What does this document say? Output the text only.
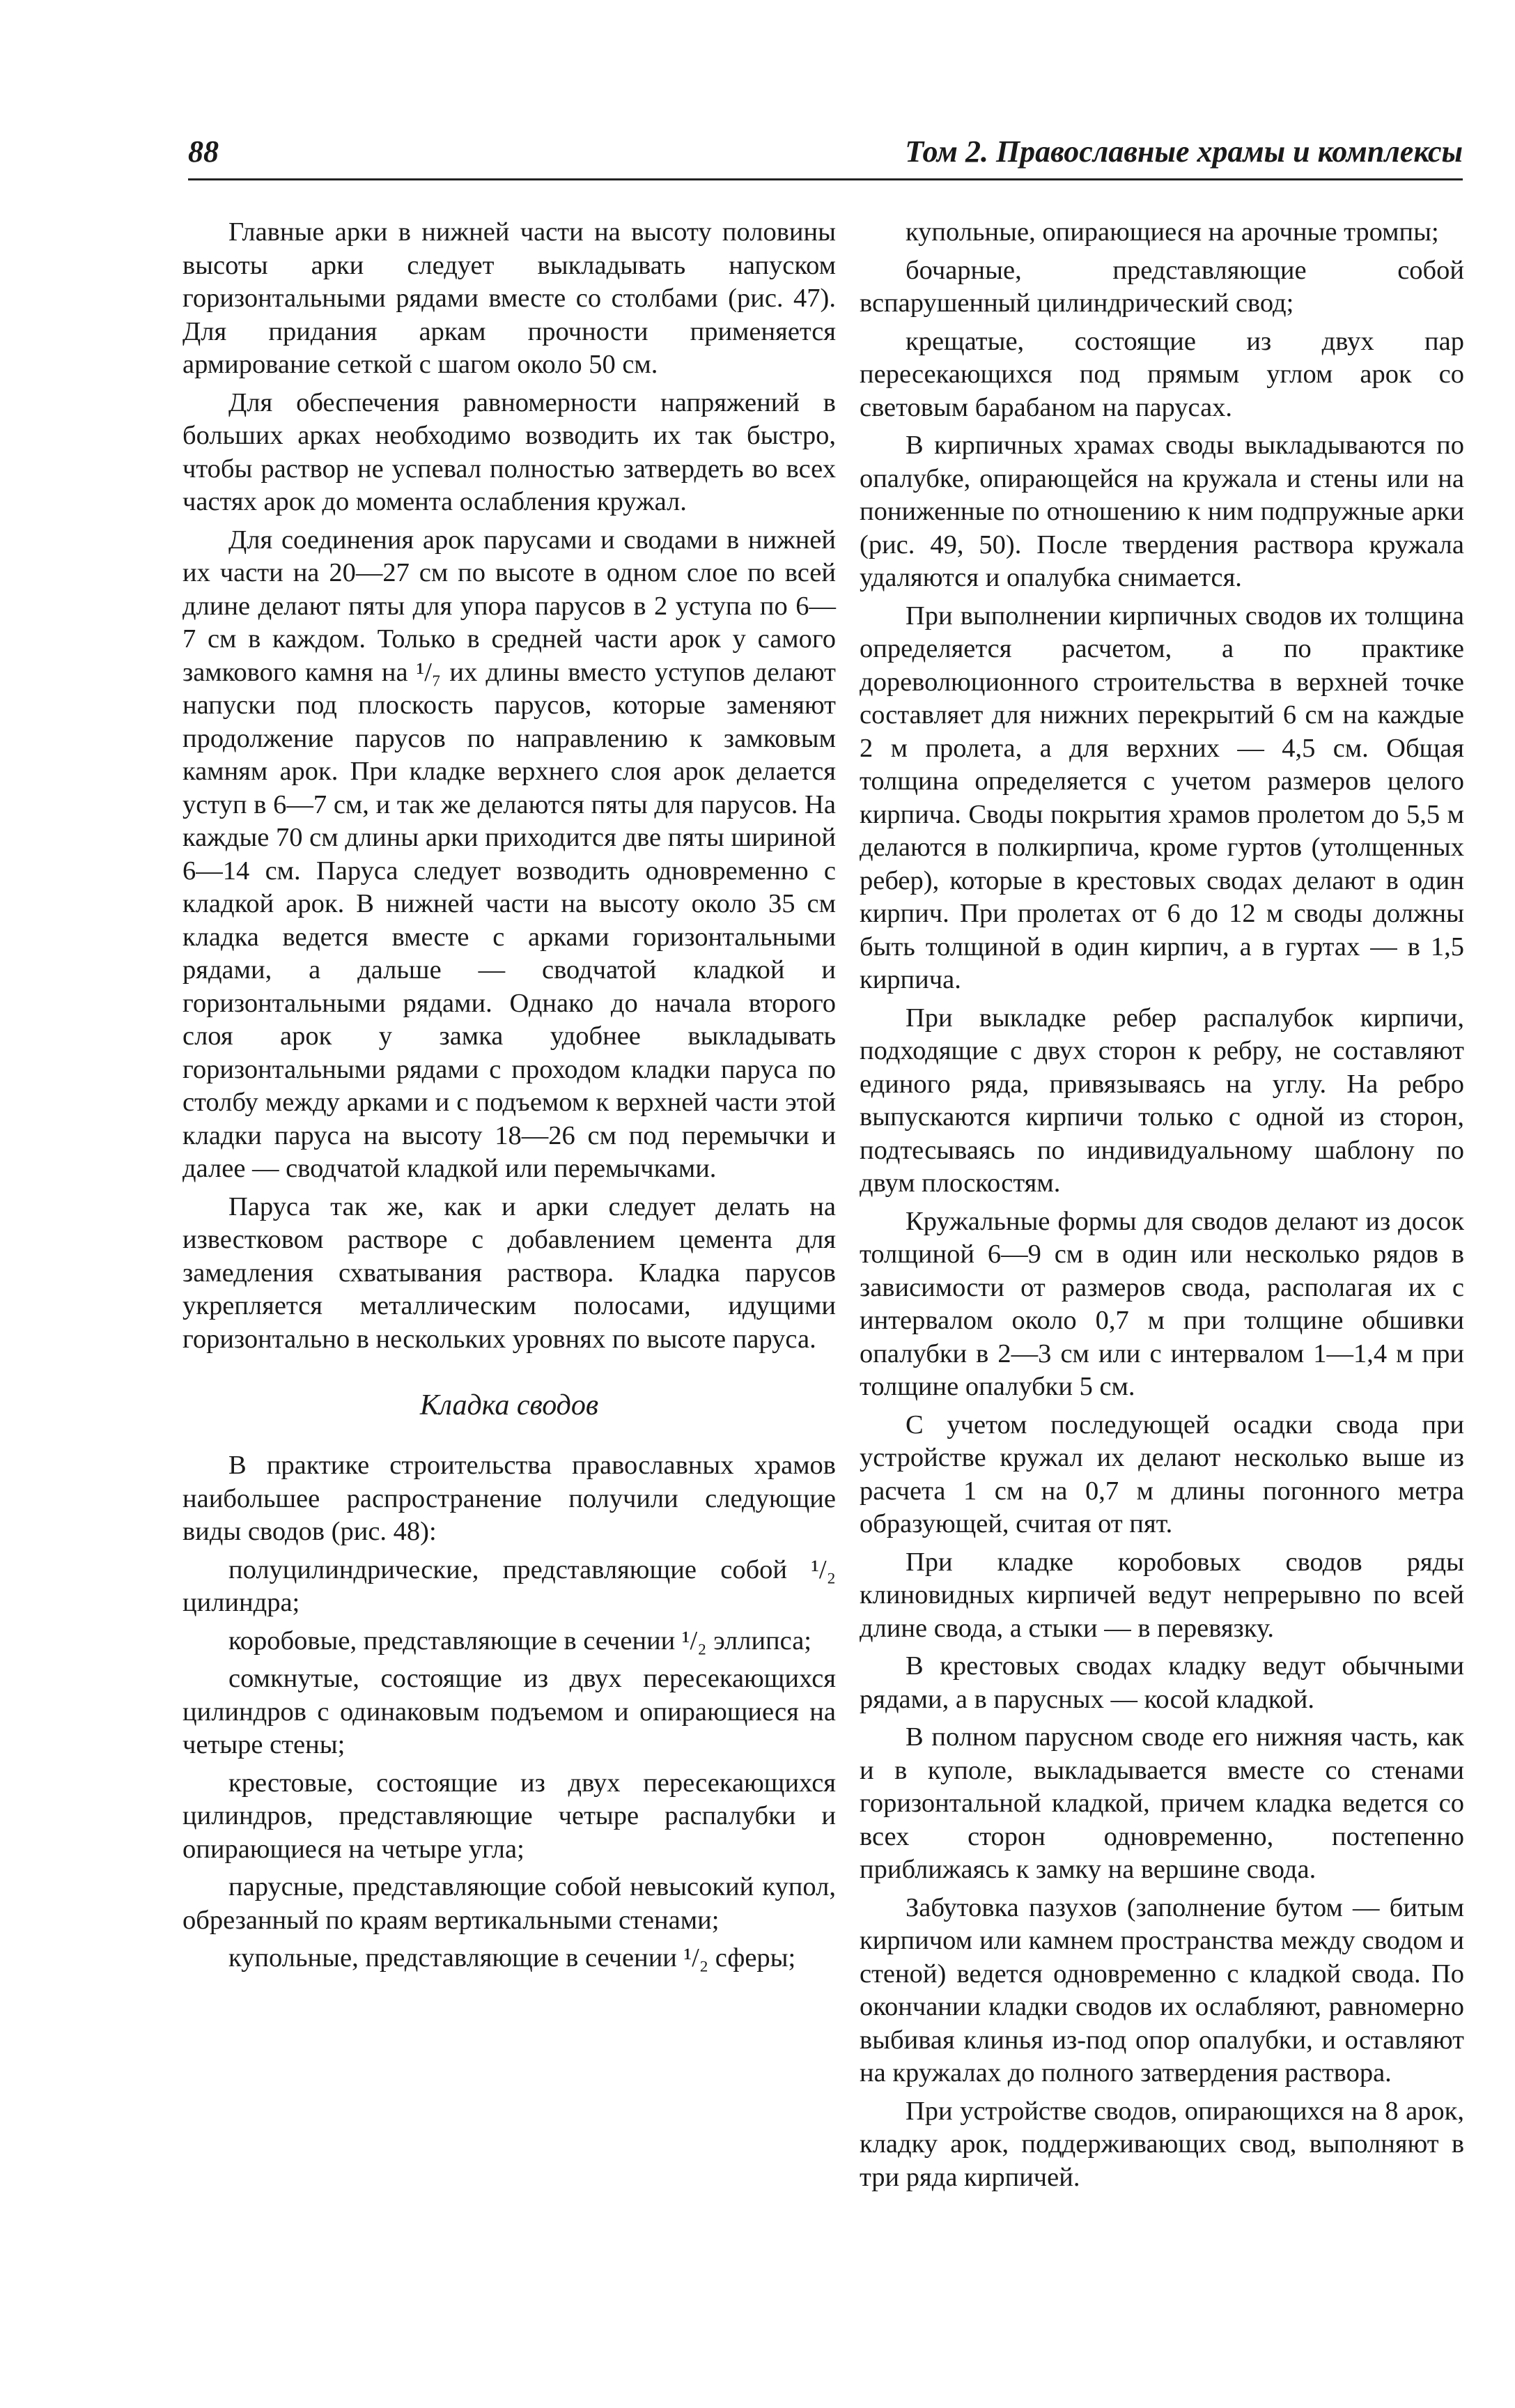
88	Том 2. Православные храмы и комплексы

Главные арки в нижней части на высоту половины высоты арки следует выкладывать напуском горизонтальными рядами вместе со столбами (рис. 47). Для придания аркам прочности применяется армирование сеткой с шагом около 50 см.

Для обеспечения равномерности напряжений в больших арках необходимо возводить их так быстро, чтобы раствор не успевал полностью затвердеть во всех частях арок до момента ослабления кружал.

Для соединения арок парусами и сводами в нижней их части на 20—27 см по высоте в одном слое по всей длине делают пяты для упора парусов в 2 уступа по 6—7 см в каждом. Только в средней части арок у самого замкового камня на ¹/₇ их длины вместо уступов делают напуски под плоскость парусов, которые заменяют продолжение парусов по направлению к замковым камням арок. При кладке верхнего слоя арок делается уступ в 6—7 см, и так же делаются пяты для парусов. На каждые 70 см длины арки приходится две пяты шириной 6—14 см. Паруса следует возводить одновременно с кладкой арок. В нижней части на высоту около 35 см кладка ведется вместе с арками горизонтальными рядами, а дальше — сводчатой кладкой и горизонтальными рядами. Однако до начала второго слоя арок у замка удобнее выкладывать горизонтальными рядами с проходом кладки паруса по столбу между арками и с подъемом к верхней части этой кладки паруса на высоту 18—26 см под перемычки и далее — сводчатой кладкой или перемычками.

Паруса так же, как и арки следует делать на известковом растворе с добавлением цемента для замедления схватывания раствора. Кладка парусов укрепляется металлическим полосами, идущими горизонтально в нескольких уровнях по высоте паруса.

Кладка сводов

В практике строительства православных храмов наибольшее распространение получили следующие виды сводов (рис. 48):

полуцилиндрические, представляющие собой ¹/₂ цилиндра;

коробовые, представляющие в сечении ¹/₂ эллипса;

сомкнутые, состоящие из двух пересекающихся цилиндров с одинаковым подъемом и опирающиеся на четыре стены;

крестовые, состоящие из двух пересекающихся цилиндров, представляющие четыре распалубки и опирающиеся на четыре угла;

парусные, представляющие собой невысокий купол, обрезанный по краям вертикальными стенами;

купольные, представляющие в сечении ¹/₂ сферы;

купольные, опирающиеся на арочные тромпы;

бочарные, представляющие собой вспарушенный цилиндрический свод;

крещатые, состоящие из двух пар пересекающихся под прямым углом арок со световым барабаном на парусах.

В кирпичных храмах своды выкладываются по опалубке, опирающейся на кружала и стены или на пониженные по отношению к ним подпружные арки (рис. 49, 50). После твердения раствора кружала удаляются и опалубка снимается.

При выполнении кирпичных сводов их толщина определяется расчетом, а по практике дореволюционного строительства в верхней точке составляет для нижних перекрытий 6 см на каждые 2 м пролета, а для верхних — 4,5 см. Общая толщина определяется с учетом размеров целого кирпича. Своды покрытия храмов пролетом до 5,5 м делаются в полкирпича, кроме гуртов (утолщенных ребер), которые в крестовых сводах делают в один кирпич. При пролетах от 6 до 12 м своды должны быть толщиной в один кирпич, а в гуртах — в 1,5 кирпича.

При выкладке ребер распалубок кирпичи, подходящие с двух сторон к ребру, не составляют единого ряда, привязываясь на углу. На ребро выпускаются кирпичи только с одной из сторон, подтесываясь по индивидуальному шаблону по двум плоскостям.

Кружальные формы для сводов делают из досок толщиной 6—9 см в один или несколько рядов в зависимости от размеров свода, располагая их с интервалом около 0,7 м при толщине обшивки опалубки в 2—3 см или с интервалом 1—1,4 м при толщине опалубки 5 см.

С учетом последующей осадки свода при устройстве кружал их делают несколько выше из расчета 1 см на 0,7 м длины погонного метра образующей, считая от пят.

При кладке коробовых сводов ряды клиновидных кирпичей ведут непрерывно по всей длине свода, а стыки — в перевязку.

В крестовых сводах кладку ведут обычными рядами, а в парусных — косой кладкой.

В полном парусном своде его нижняя часть, как и в куполе, выкладывается вместе со стенами горизонтальной кладкой, причем кладка ведется со всех сторон одновременно, постепенно приближаясь к замку на вершине свода.

Забутовка пазухов (заполнение бутом — битым кирпичом или камнем пространства между сводом и стеной) ведется одновременно с кладкой свода. По окончании кладки сводов их ослабляют, равномерно выбивая клинья из-под опор опалубки, и оставляют на кружалах до полного затвердения раствора.

При устройстве сводов, опирающихся на 8 арок, кладку арок, поддерживающих свод, выполняют в три ряда кирпичей.
